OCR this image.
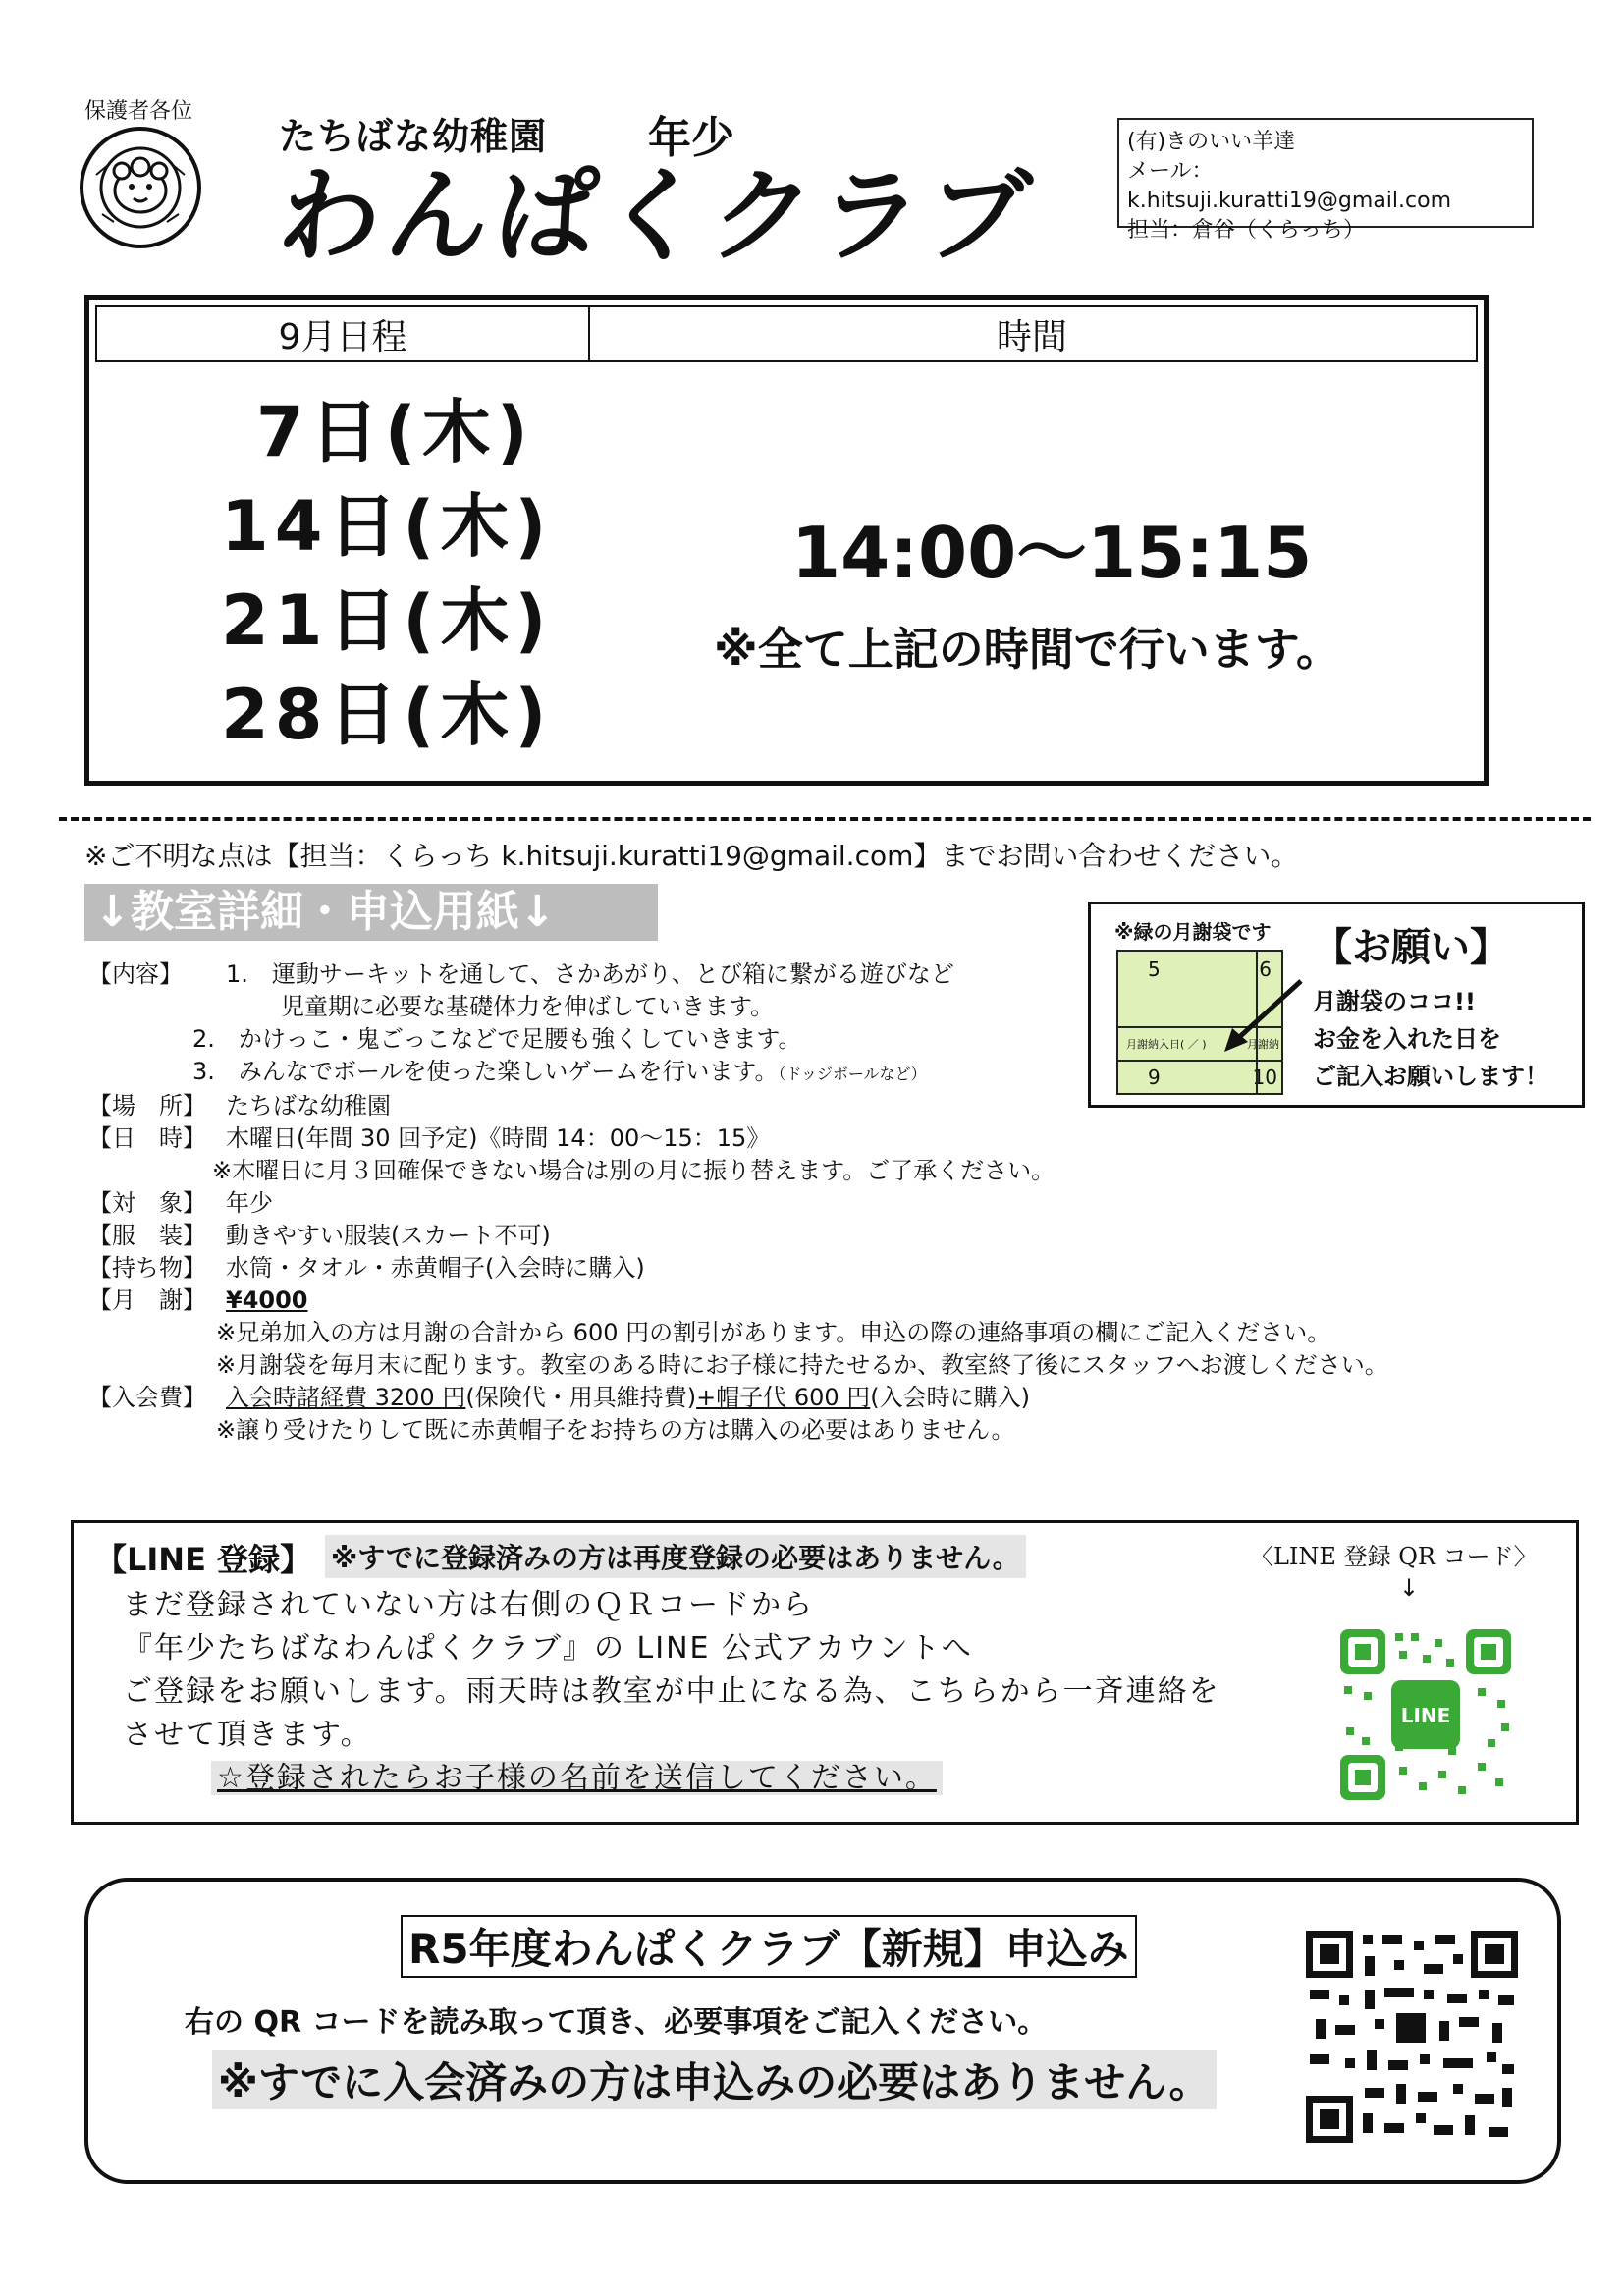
保護者各位
たちばな幼稚園 年少
わんぱくクラブ
(有)きのいい羊達
メール：k.hitsuji.kuratti19@gmail.com
担当：倉谷（くらっち）
9月日程	時間
7日(木)
14日(木)
21日(木)
28日(木)
14:00～15:15
※全て上記の時間で行います。
※ご不明な点は【担当：くらっち k.hitsuji.kuratti19@gmail.com】までお問い合わせください。
↓教室詳細・申込用紙↓	※緑の月謝袋です
5	6
9	10
月謝納入日( ／ )	月謝納
【お願い】
月謝袋のココ!!
お金を入れた日を
ご記入お願いします！
【内容】 1.　運動サーキットを通して、さかあがり、とび箱に繋がる遊びなど
児童期に必要な基礎体力を伸ばしていきます。
2.　かけっこ・鬼ごっこなどで足腰も強くしていきます。
3.　みんなでボールを使った楽しいゲームを行います。（ドッジボールなど）
【場　所】 たちばな幼稚園
【日　時】 木曜日(年間 30 回予定)《時間 14：00～15：15》
※木曜日に月３回確保できない場合は別の月に振り替えます。ご了承ください。
【対　象】 年少
【服　装】 動きやすい服装(スカート不可)
【持ち物】 水筒・タオル・赤黄帽子(入会時に購入)
【月　謝】 ¥4000
※兄弟加入の方は月謝の合計から 600 円の割引があります。申込の際の連絡事項の欄にご記入ください。
※月謝袋を毎月末に配ります。教室のある時にお子様に持たせるか、教室終了後にスタッフへお渡しください。
【入会費】 入会時諸経費 3200 円(保険代・用具維持費)+帽子代 600 円(入会時に購入)
※譲り受けたりして既に赤黄帽子をお持ちの方は購入の必要はありません。
【LINE 登録】 ※すでに登録済みの方は再度登録の必要はありません。
まだ登録されていない方は右側のＱＲコードから
『年少たちばなわんぱくクラブ』の LINE 公式アカウントへ
ご登録をお願いします。雨天時は教室が中止になる為、こちらから一斉連絡を
させて頂きます。
☆登録されたらお子様の名前を送信してください。
〈LINE 登録 QR コード〉
↓
LINE
R5年度わんぱくクラブ【新規】申込み
右の QR コードを読み取って頂き、必要事項をご記入ください。
※すでに入会済みの方は申込みの必要はありません。
